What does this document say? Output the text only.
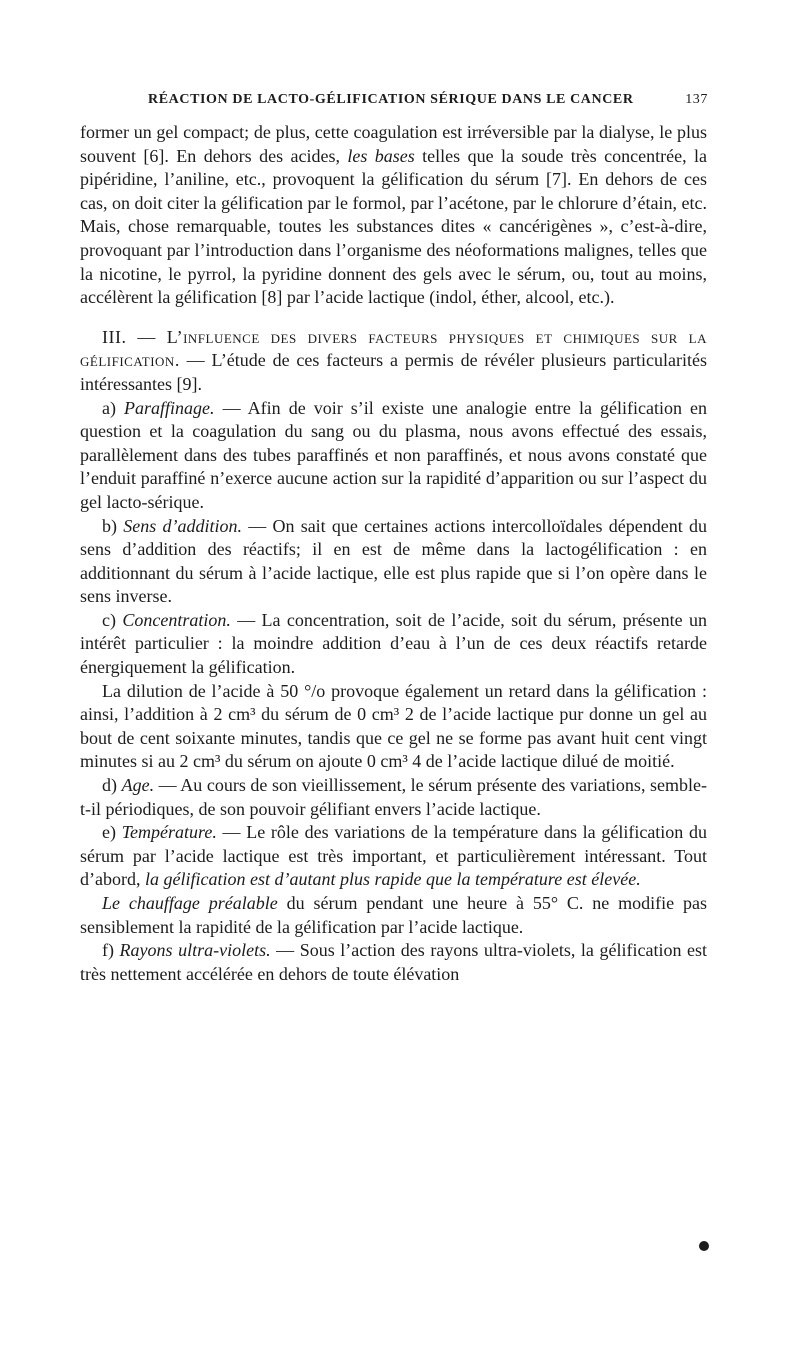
RÉACTION DE LACTO-GÉLIFICATION SÉRIQUE DANS LE CANCER	137

former un gel compact; de plus, cette coagulation est irréversible par la dialyse, le plus souvent [6]. En dehors des acides, les bases telles que la soude très concentrée, la pipéridine, l’aniline, etc., provoquent la gélification du sérum [7]. En dehors de ces cas, on doit citer la gélification par le formol, par l’acétone, par le chlorure d’étain, etc. Mais, chose remarquable, toutes les substances dites « cancérigènes », c’est-à-dire, provoquant par l’introduction dans l’organisme des néoformations malignes, telles que la nicotine, le pyrrol, la pyridine donnent des gels avec le sérum, ou, tout au moins, accélèrent la gélification [8] par l’acide lactique (indol, éther, alcool, etc.).

III. — L’influence des divers facteurs physiques et chimiques sur la gélification. — L’étude de ces facteurs a permis de révéler plusieurs particularités intéressantes [9].

a) Paraffinage. — Afin de voir s’il existe une analogie entre la gélification en question et la coagulation du sang ou du plasma, nous avons effectué des essais, parallèlement dans des tubes paraffinés et non paraffinés, et nous avons constaté que l’enduit paraffiné n’exerce aucune action sur la rapidité d’apparition ou sur l’aspect du gel lacto-sérique.

b) Sens d’addition. — On sait que certaines actions intercolloïdales dépendent du sens d’addition des réactifs; il en est de même dans la lactogélification : en additionnant du sérum à l’acide lactique, elle est plus rapide que si l’on opère dans le sens inverse.

c) Concentration. — La concentration, soit de l’acide, soit du sérum, présente un intérêt particulier : la moindre addition d’eau à l’un de ces deux réactifs retarde énergiquement la gélification.

La dilution de l’acide à 50 °/o provoque également un retard dans la gélification : ainsi, l’addition à 2 cm³ du sérum de 0 cm³ 2 de l’acide lactique pur donne un gel au bout de cent soixante minutes, tandis que ce gel ne se forme pas avant huit cent vingt minutes si au 2 cm³ du sérum on ajoute 0 cm³ 4 de l’acide lactique dilué de moitié.

d) Age. — Au cours de son vieillissement, le sérum présente des variations, semble-t-il périodiques, de son pouvoir gélifiant envers l’acide lactique.

e) Température. — Le rôle des variations de la température dans la gélification du sérum par l’acide lactique est très important, et particulièrement intéressant. Tout d’abord, la gélification est d’autant plus rapide que la température est élevée.

Le chauffage préalable du sérum pendant une heure à 55° C. ne modifie pas sensiblement la rapidité de la gélification par l’acide lactique.

f) Rayons ultra-violets. — Sous l’action des rayons ultra-violets, la gélification est très nettement accélérée en dehors de toute élévation
